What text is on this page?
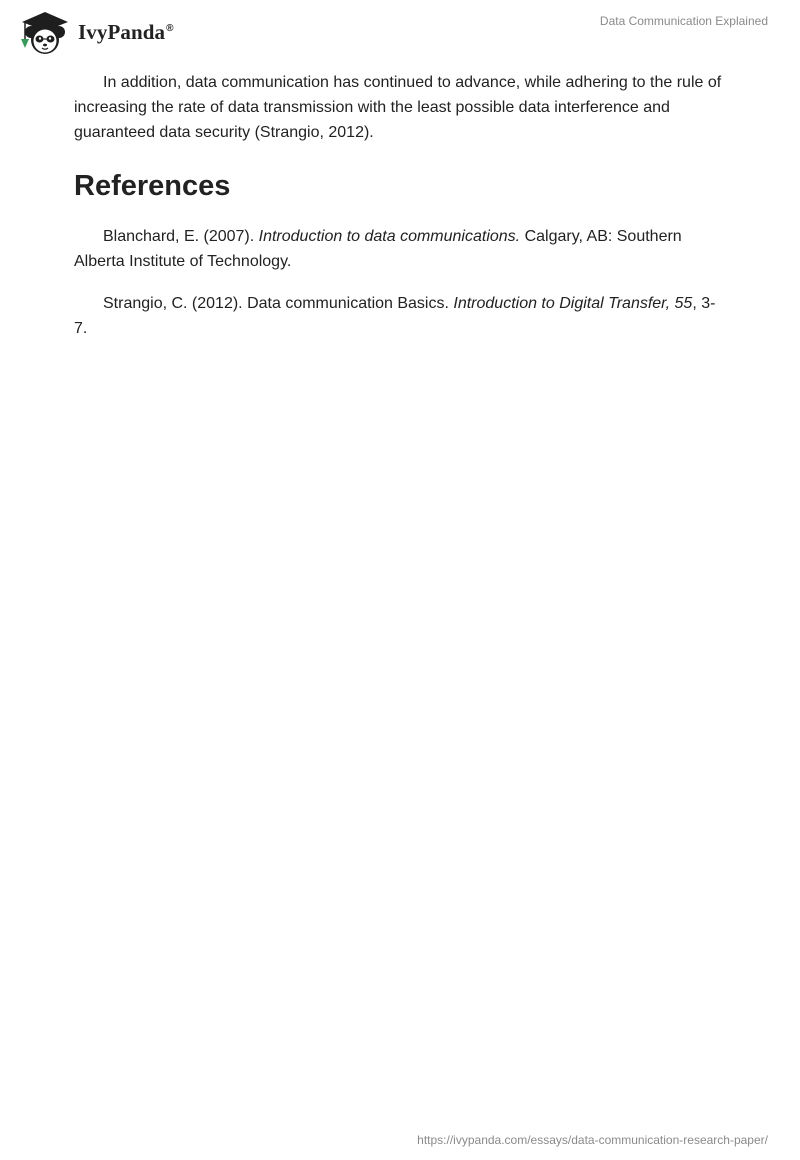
IvyPanda®	Data Communication Explained

In addition, data communication has continued to advance, while adhering to the rule of increasing the rate of data transmission with the least possible data interference and guaranteed data security (Strangio, 2012).

References

Blanchard, E. (2007). Introduction to data communications. Calgary, AB: Southern Alberta Institute of Technology.

Strangio, C. (2012). Data communication Basics. Introduction to Digital Transfer, 55, 3-7.

https://ivypanda.com/essays/data-communication-research-paper/
